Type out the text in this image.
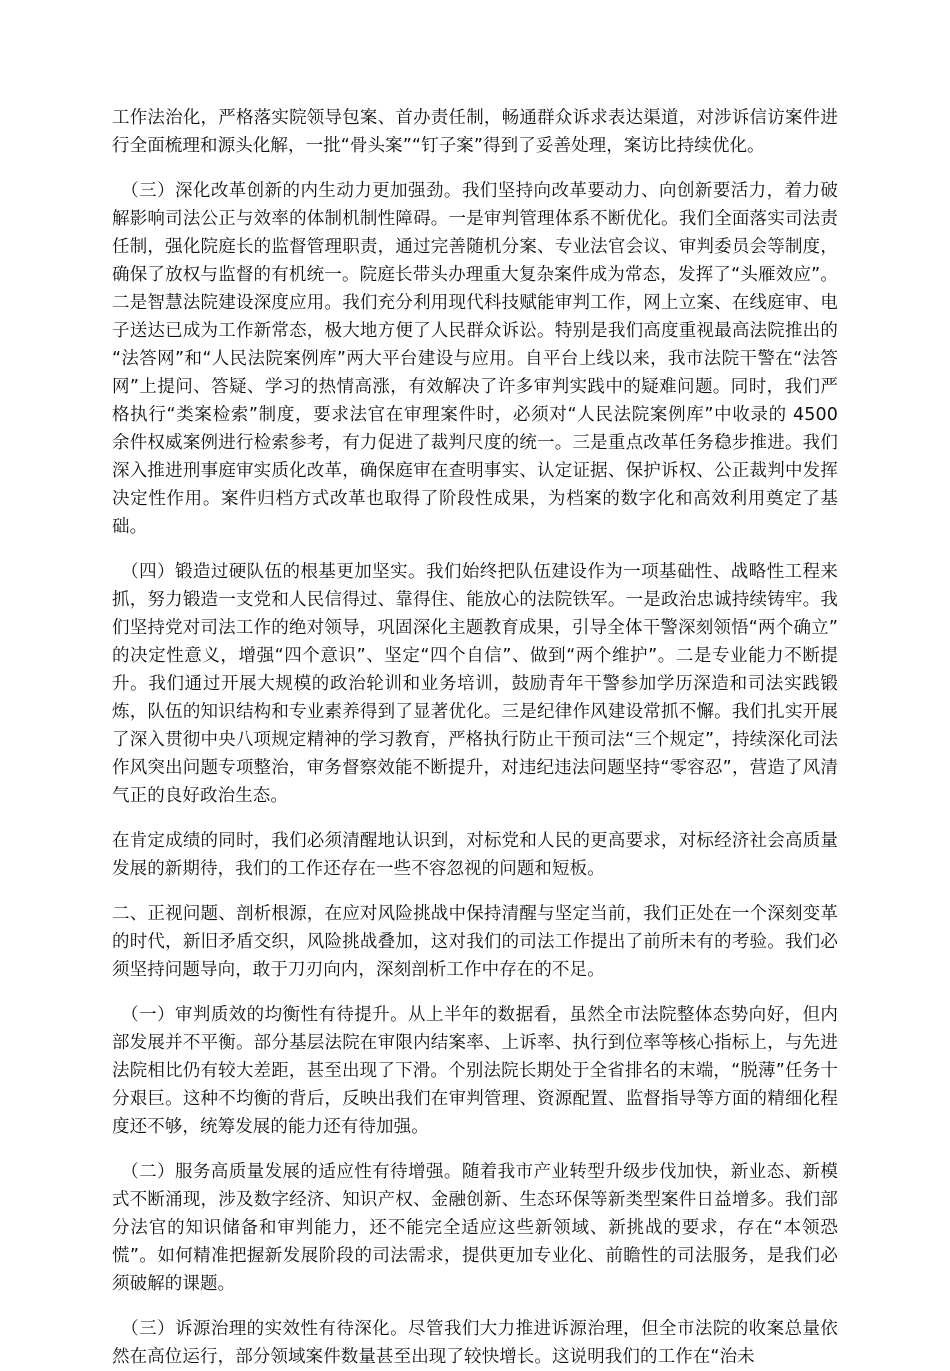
工作法治化，严格落实院领导包案、首办责任制，畅通群众诉求表达渠道，对涉诉信访案件进行全面梳理和源头化解，一批“骨头案”“钉子案”得到了妥善处理，案访比持续优化。

　（三）深化改革创新的内生动力更加强劲。我们坚持向改革要动力、向创新要活力，着力破解影响司法公正与效率的体制机制性障碍。一是审判管理体系不断优化。我们全面落实司法责任制，强化院庭长的监督管理职责，通过完善随机分案、专业法官会议、审判委员会等制度，确保了放权与监督的有机统一。院庭长带头办理重大复杂案件成为常态，发挥了“头雁效应”。二是智慧法院建设深度应用。我们充分利用现代科技赋能审判工作，网上立案、在线庭审、电子送达已成为工作新常态，极大地方便了人民群众诉讼。特别是我们高度重视最高法院推出的“法答网”和“人民法院案例库”两大平台建设与应用。自平台上线以来，我市法院干警在“法答网”上提问、答疑、学习的热情高涨，有效解决了许多审判实践中的疑难问题。同时，我们严格执行“类案检索”制度，要求法官在审理案件时，必须对“人民法院案例库”中收录的 4500 余件权威案例进行检索参考，有力促进了裁判尺度的统一。三是重点改革任务稳步推进。我们深入推进刑事庭审实质化改革，确保庭审在查明事实、认定证据、保护诉权、公正裁判中发挥决定性作用。案件归档方式改革也取得了阶段性成果，为档案的数字化和高效利用奠定了基础。

　（四）锻造过硬队伍的根基更加坚实。我们始终把队伍建设作为一项基础性、战略性工程来抓，努力锻造一支党和人民信得过、靠得住、能放心的法院铁军。一是政治忠诚持续铸牢。我们坚持党对司法工作的绝对领导，巩固深化主题教育成果，引导全体干警深刻领悟“两个确立”的决定性意义，增强“四个意识”、坚定“四个自信”、做到“两个维护”。二是专业能力不断提升。我们通过开展大规模的政治轮训和业务培训，鼓励青年干警参加学历深造和司法实践锻炼，队伍的知识结构和专业素养得到了显著优化。三是纪律作风建设常抓不懈。我们扎实开展了深入贯彻中央八项规定精神的学习教育，严格执行防止干预司法“三个规定”，持续深化司法作风突出问题专项整治，审务督察效能不断提升，对违纪违法问题坚持“零容忍”，营造了风清气正的良好政治生态。

在肯定成绩的同时，我们必须清醒地认识到，对标党和人民的更高要求，对标经济社会高质量发展的新期待，我们的工作还存在一些不容忽视的问题和短板。

二、正视问题、剖析根源，在应对风险挑战中保持清醒与坚定当前，我们正处在一个深刻变革的时代，新旧矛盾交织，风险挑战叠加，这对我们的司法工作提出了前所未有的考验。我们必须坚持问题导向，敢于刀刃向内，深刻剖析工作中存在的不足。

　（一）审判质效的均衡性有待提升。从上半年的数据看，虽然全市法院整体态势向好，但内部发展并不平衡。部分基层法院在审限内结案率、上诉率、执行到位率等核心指标上，与先进法院相比仍有较大差距，甚至出现了下滑。个别法院长期处于全省排名的末端，“脱薄”任务十分艰巨。这种不均衡的背后，反映出我们在审判管理、资源配置、监督指导等方面的精细化程度还不够，统筹发展的能力还有待加强。

　（二）服务高质量发展的适应性有待增强。随着我市产业转型升级步伐加快，新业态、新模式不断涌现，涉及数字经济、知识产权、金融创新、生态环保等新类型案件日益增多。我们部分法官的知识储备和审判能力，还不能完全适应这些新领域、新挑战的要求，存在“本领恐慌”。如何精准把握新发展阶段的司法需求，提供更加专业化、前瞻性的司法服务，是我们必须破解的课题。

　（三）诉源治理的实效性有待深化。尽管我们大力推进诉源治理，但全市法院的收案总量依然在高位运行，部分领域案件数量甚至出现了较快增长。这说明我们的工作在“治未
